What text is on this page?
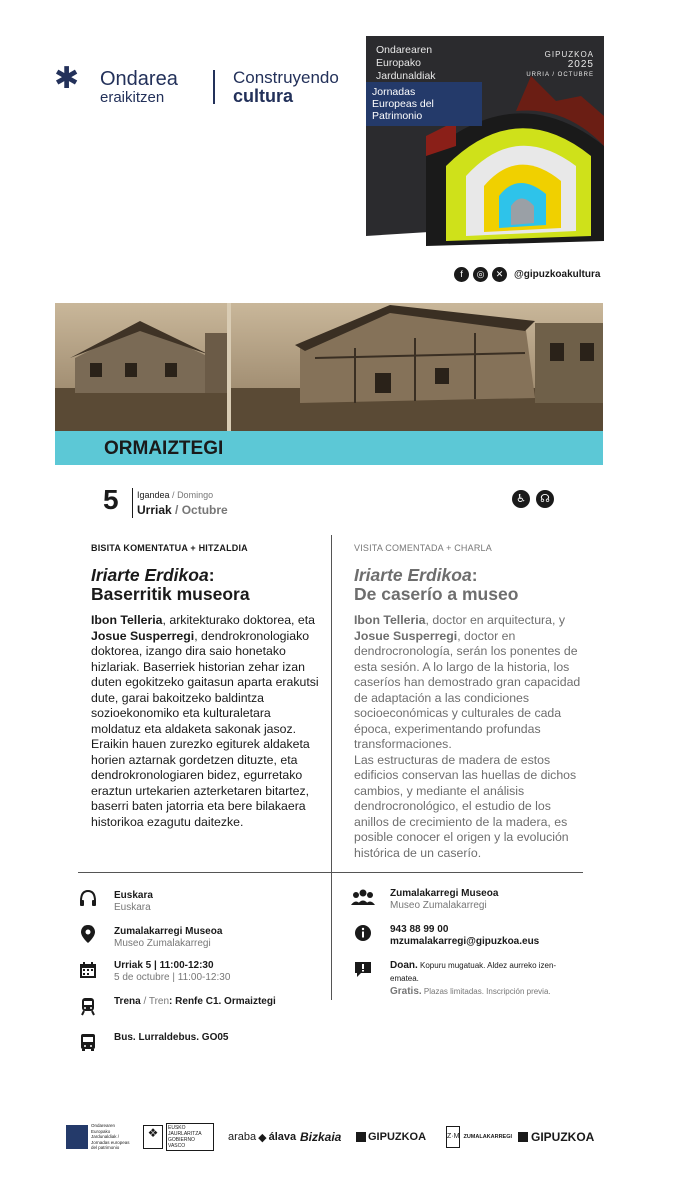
✱ Ondarea
eraikitzen
Construyendo
cultura
Ondarearen
Europako
Jardunaldiak
GIPUZKOA
2025
URRIA / OCTUBRE
Jornadas
Europeas del
Patrimonio
f	◎	✕	@gipuzkoakultura
ORMAIZTEGI
5 Igandea / Domingo
Urriak / Octubre
♿	☊
BISITA KOMENTATUA + HITZALDIA
Iriarte Erdikoa:
Baserritik museora

Ibon Telleria, arkitekturako doktorea, eta Josue Susperregi, dendrokronologiako doktorea, izango dira saio honetako hizlariak. Baserriek historian zehar izan duten egokitzeko gaitasun aparta erakutsi dute, garai bakoitzeko baldintza sozioekonomiko eta kulturaletara moldatuz eta aldaketa sakonak jasoz. Eraikin hauen zurezko egiturek aldaketa horien aztarnak gordetzen dituzte, eta dendrokronologiaren bidez, egurretako eraztun urtekarien azterketaren bitartez, baserri baten jatorria eta bere bilakaera historikoa ezagutu daitezke.

VISITA COMENTADA + CHARLA
Iriarte Erdikoa:
De caserío a museo

Ibon Telleria, doctor en arquitectura, y Josue Susperregi, doctor en dendrocronología, serán los ponentes de esta sesión. A lo largo de la historia, los caseríos han demostrado gran capacidad de adaptación a las condiciones socioeconómicas y culturales de cada época, experimentando profundas transformaciones.

Las estructuras de madera de estos edificios conservan las huellas de dichos cambios, y mediante el análisis dendrocronológico, el estudio de los anillos de crecimiento de la madera, es posible conocer el origen y la evolución histórica de un caserío.

Euskara
Euskara
Zumalakarregi Museoa
Museo Zumalakarregi
Urriak 5 | 11:00-12:30
5 de octubre | 11:00-12:30
Trena / Tren: Renfe C1. Ormaiztegi
Bus. Lurraldebus. GO05
Zumalakarregi Museoa
Museo Zumalakarregi
943 88 99 00
mzumalakarregi@gipuzkoa.eus
Doan. Kopuru mugatuak. Aldez aurreko izen-ematea.
Gratis. Plazas limitadas. Inscripción previa.
Ondarearen Europako Jardunaldiak / Jornadas europeas del patrimonio
❖	EUSKO JAURLARITZA GOBIERNO VASCO
araba ◆ álava Bizkaia	GIPUZKOA	Z·M ZUMALAKARREGI GIPUZKOA
